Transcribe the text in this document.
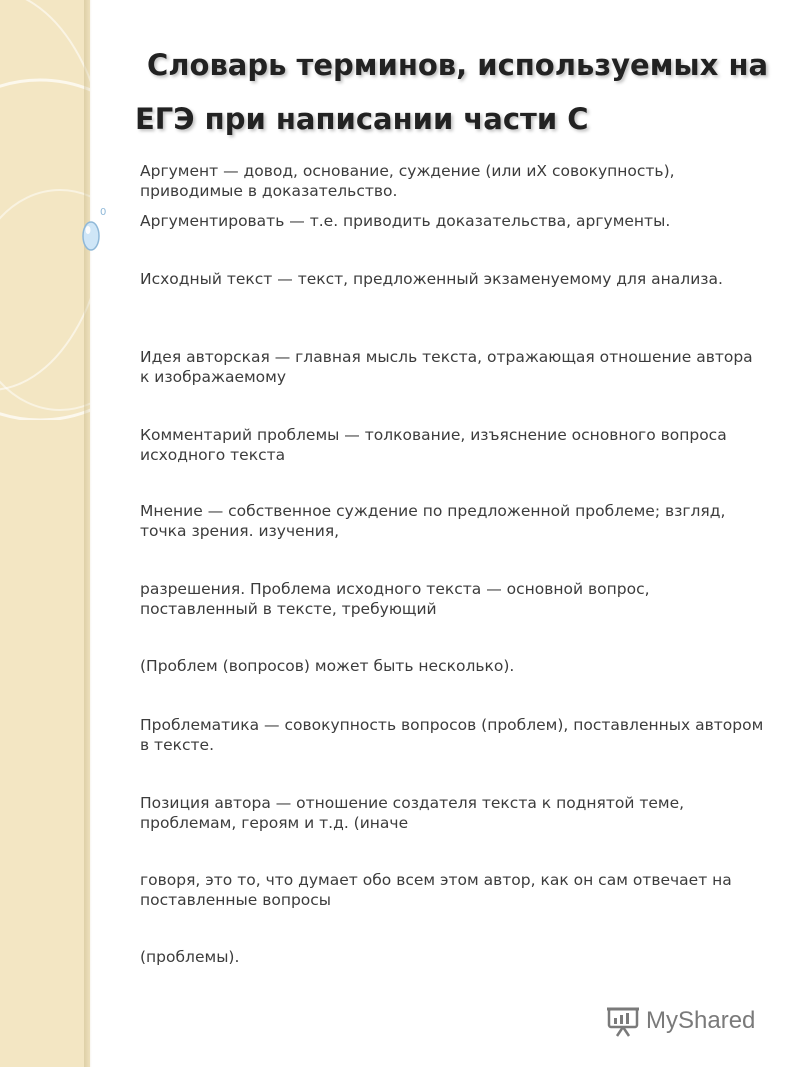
0
Словарь терминов, используемых на
ЕГЭ при написании части С

Аргумент — довод, основание, суждение (или иХ совокупность), приводимые в доказательство.

Аргументировать — т.е. приводить доказательства, аргументы.

Исходный текст — текст, предложенный экзаменуемому для анализа.

Идея авторская — главная мысль текста, отражающая отношение автора к изображаемому

Комментарий проблемы — толкование, изъяснение основного вопроса исходного текста

Мнение — собственное суждение по предложенной проблеме; взгляд, точка зрения. изучения,

разрешения. Проблема исходного текста — основной вопрос, поставленный в тексте, требующий

(Проблем (вопросов) может быть несколько).

Проблематика — совокупность вопросов (проблем), поставленных автором в тексте.

Позиция автора — отношение создателя текста к поднятой теме, проблемам, героям и т.д. (иначе

говоря, это то, что думает обо всем этом автор, как он сам отвечает на поставленные вопросы

(проблемы).

MyShared
